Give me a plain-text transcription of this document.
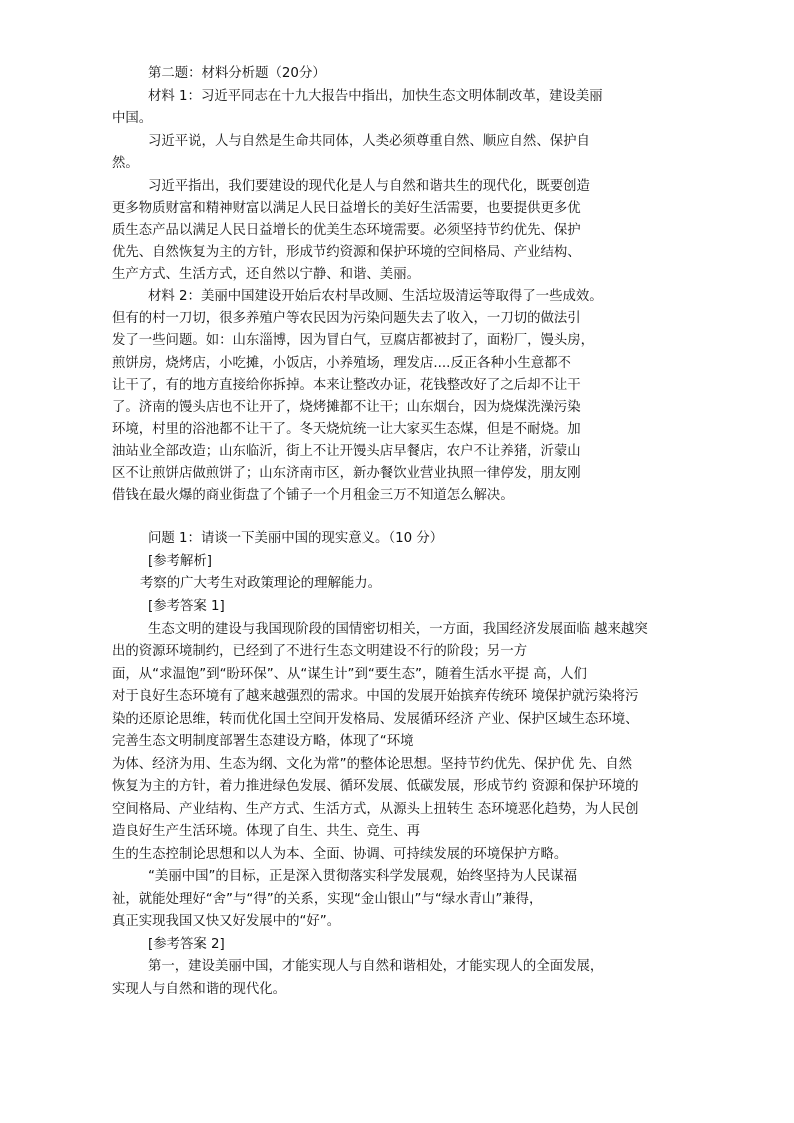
第二题：材料分析题（20分）
材料 1：习近平同志在十九大报告中指出，加快生态文明体制改革，建设美丽
中国。
习近平说，人与自然是生命共同体，人类必须尊重自然、顺应自然、保护自
然。
习近平指出，我们要建设的现代化是人与自然和谐共生的现代化，既要创造
更多物质财富和精神财富以满足人民日益增长的美好生活需要，也要提供更多优
质生态产品以满足人民日益增长的优美生态环境需要。必须坚持节约优先、保护
优先、自然恢复为主的方针，形成节约资源和保护环境的空间格局、产业结构、
生产方式、生活方式，还自然以宁静、和谐、美丽。
材料 2：美丽中国建设开始后农村旱改厕、生活垃圾清运等取得了一些成效。
但有的村一刀切，很多养殖户等农民因为污染问题失去了收入，一刀切的做法引
发了一些问题。如：山东淄博，因为冒白气，豆腐店都被封了，面粉厂，馒头房，
煎饼房，烧烤店，小吃摊，小饭店，小养殖场，理发店....反正各种小生意都不
让干了，有的地方直接给你拆掉。本来让整改办证，花钱整改好了之后却不让干
了。济南的馒头店也不让开了，烧烤摊都不让干；山东烟台，因为烧煤洗澡污染
环境，村里的浴池都不让干了。冬天烧炕统一让大家买生态煤，但是不耐烧。加
油站业全部改造；山东临沂，街上不让开馒头店早餐店，农户不让养猪，沂蒙山
区不让煎饼店做煎饼了；山东济南市区，新办餐饮业营业执照一律停发，朋友刚
借钱在最火爆的商业街盘了个铺子一个月租金三万不知道怎么解决。
问题 1：请谈一下美丽中国的现实意义。（10 分）
[参考解析]
考察的广大考生对政策理论的理解能力。
[参考答案 1]
生态文明的建设与我国现阶段的国情密切相关，一方面，我国经济发展面临 越来越突
出的资源环境制约，已经到了不进行生态文明建设不行的阶段；另一方
面，从“求温饱”到“盼环保”、从“谋生计”到“要生态”，随着生活水平提 高，人们
对于良好生态环境有了越来越强烈的需求。中国的发展开始摈弃传统环 境保护就污染将污
染的还原论思维，转而优化国土空间开发格局、发展循环经济 产业、保护区域生态环境、
完善生态文明制度部署生态建设方略，体现了“环境
为体、经济为用、生态为纲、文化为常”的整体论思想。坚持节约优先、保护优 先、自然
恢复为主的方针，着力推进绿色发展、循环发展、低碳发展，形成节约 资源和保护环境的
空间格局、产业结构、生产方式、生活方式，从源头上扭转生 态环境恶化趋势，为人民创
造良好生产生活环境。体现了自生、共生、竞生、再
生的生态控制论思想和以人为本、全面、协调、可持续发展的环境保护方略。
“美丽中国”的目标，正是深入贯彻落实科学发展观，始终坚持为人民谋福
祉，就能处理好“舍”与“得”的关系，实现“金山银山”与“绿水青山”兼得，
真正实现我国又快又好发展中的“好”。
[参考答案 2]
第一，建设美丽中国，才能实现人与自然和谐相处，才能实现人的全面发展，
实现人与自然和谐的现代化。
